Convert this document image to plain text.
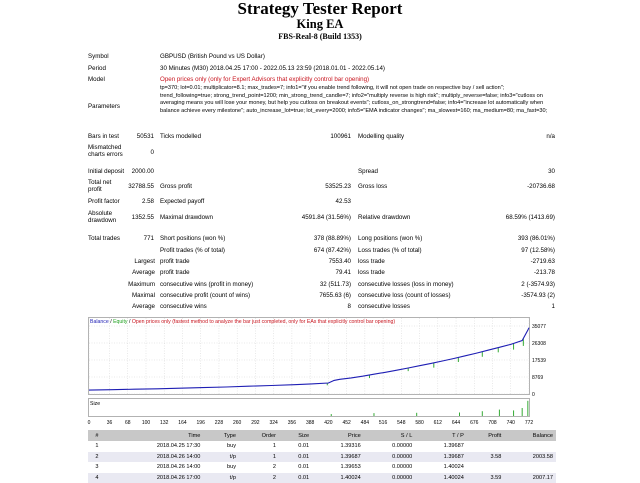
Strategy Tester Report
King EA
FBS-Real-8 (Build 1353)
Symbol	GBPUSD (British Pound vs US Dollar)
Period	30 Minutes (M30) 2018.04.25 17:00 - 2022.05.13 23:59 (2018.01.01 - 2022.05.14)
Model	Open prices only (only for Expert Advisors that explicitly control bar opening)
Parameters
tp=370; lot=0.01; multiplicator=8.1; max_trades=7; info1="if you enable trend following, it will not open trade on respective buy / sell action"; trend_following=true; strong_trend_point=1200; min_strong_trend_candle=7; info2="multiply reverse is high risk"; multiply_reverse=false; info3="cutloss on averaging means you will lose your money, but help you cutloss on breakout events"; cutloss_on_strongtrend=false; info4="increase lot automatically when balance achieve every milestone"; auto_increase_lot=true; lot_every=2000; info5="EMA indicator changes"; ma_slowest=160; ma_medium=80; ma_fast=30;
Bars in test	50531 Ticks modelled	100961 Modelling quality	n/a
Mismatched charts errors	0
Initial deposit	2000.00	Spread	30
Total net profit	32788.55 Gross profit	53525.23 Gross loss	-20736.68
Profit factor	2.58 Expected payoff	42.53
Absolute drawdown	1352.55 Maximal drawdown	4591.84 (31.56%) Relative drawdown	68.59% (1413.69)
Total trades	771 Short positions (won %)	378 (88.89%) Long positions (won %)	393 (86.01%)
Profit trades (% of total)	674 (87.42%) Loss trades (% of total)	97 (12.58%)
Largest profit trade	7553.40 loss trade	-2719.63
Average profit trade	79.41 loss trade	-213.78
Maximum consecutive wins (profit in money)	32 (511.73) consecutive losses (loss in money)	2 (-3574.93)
Maximal consecutive profit (count of wins)	7655.63 (6) consecutive loss (count of losses)	-3574.93 (2)
Average consecutive wins	8 consecutive losses	1
Balance / Equity / Open prices only (fastest method to analyze the bar just completed, only for EAs that explicitly control bar opening)
Size
0
8769
17539
26308
35077
0	36	68 100 132 164 196 228 260 292 324 356 388 420 452 484 516 548 580 612 644 676 708 740 772
#	Time	Type	Order	Size	Price	S / L	T / P	Profit	Balance
1	2018.04.25 17:30	buy	1	0.01	1.39316	0.00000	1.39687		
2	2018.04.26 14:00	t/p	1	0.01	1.39687	0.00000	1.39687	3.58	2003.58
3	2018.04.26 14:00	buy	2	0.01	1.39653	0.00000	1.40024		
4	2018.04.26 17:00	t/p	2	0.01	1.40024	0.00000	1.40024	3.59	2007.17
